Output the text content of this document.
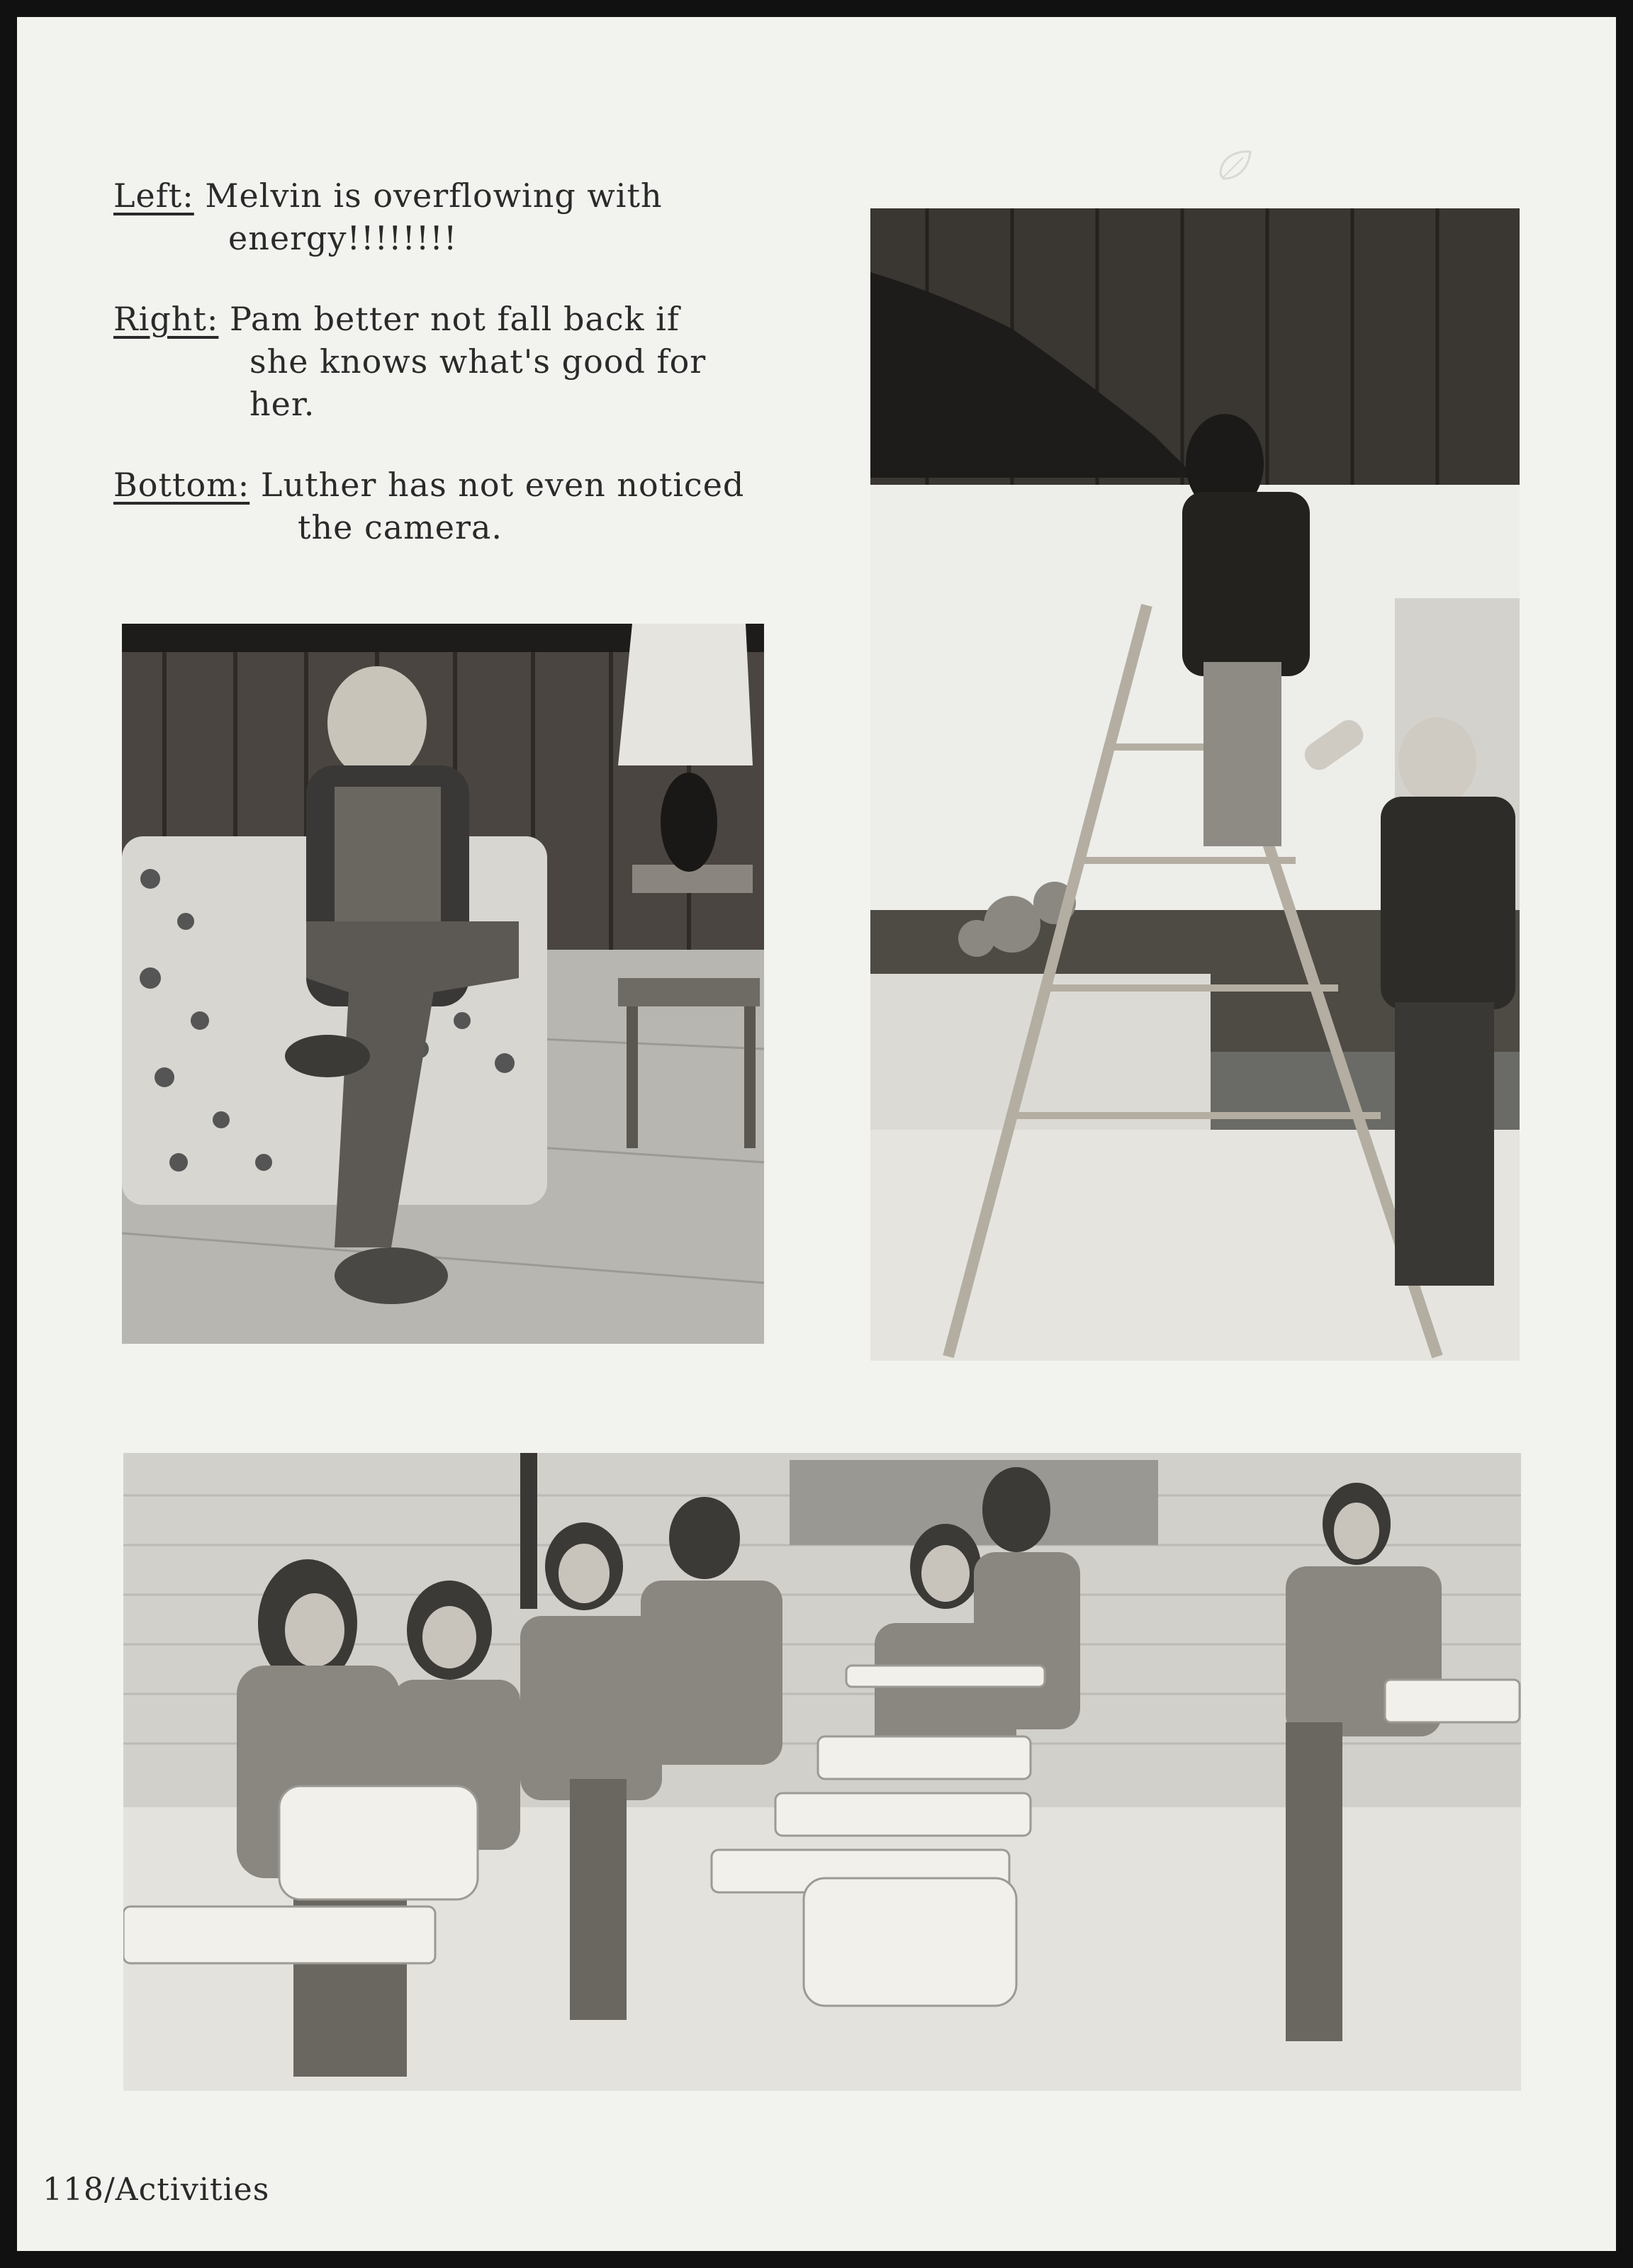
Left: Melvin is overflowing with
energy!!!!!!!!
Right: Pam better not fall back if
she knows what's good for
her.
Bottom: Luther has not even noticed
the camera.
118/Activities
